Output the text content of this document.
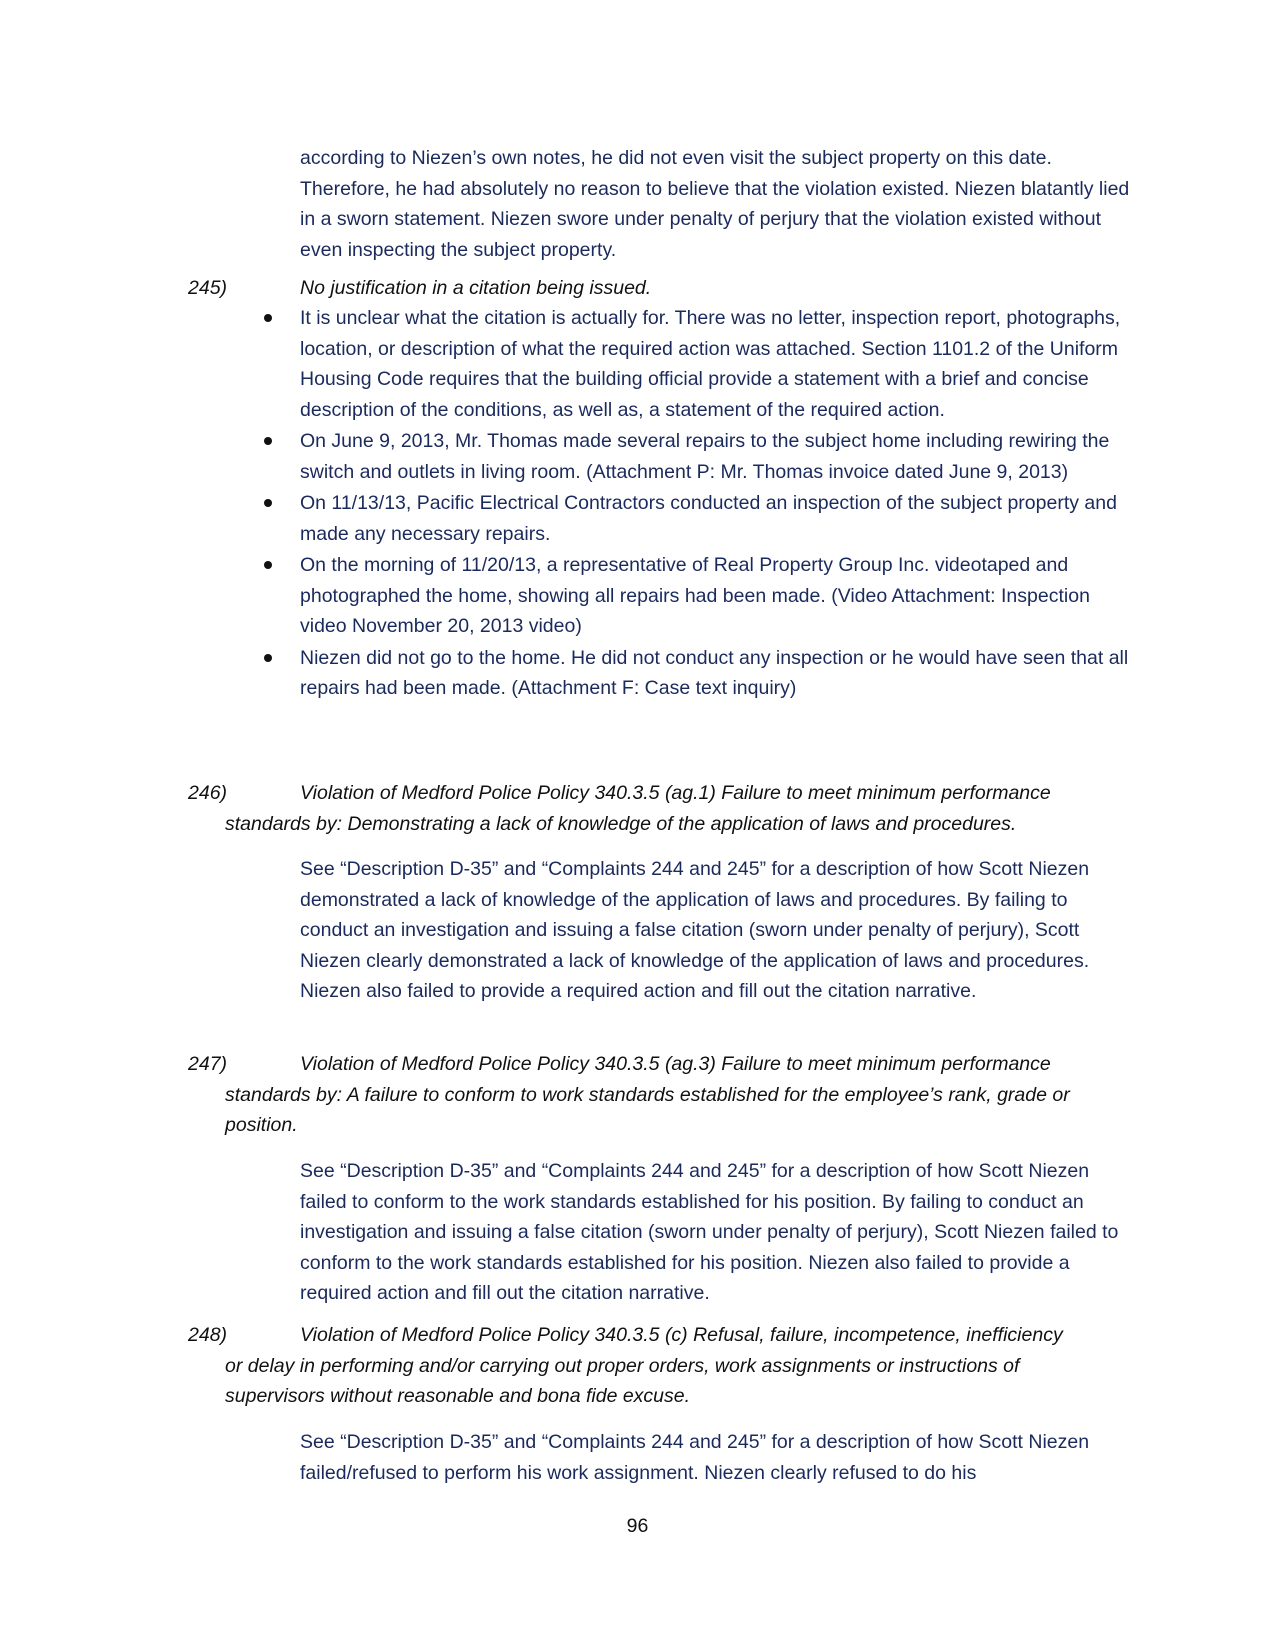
according to Niezen’s own notes, he did not even visit the subject property on this date. Therefore, he had absolutely no reason to believe that the violation existed. Niezen blatantly lied in a sworn statement. Niezen swore under penalty of perjury that the violation existed without even inspecting the subject property.

245)	No justification in a citation being issued.
It is unclear what the citation is actually for. There was no letter, inspection report, photographs, location, or description of what the required action was attached. Section 1101.2 of the Uniform Housing Code requires that the building official provide a statement with a brief and concise description of the conditions, as well as, a statement of the required action.
On June 9, 2013, Mr. Thomas made several repairs to the subject home including rewiring the switch and outlets in living room. (Attachment P: Mr. Thomas invoice dated June 9, 2013)
On 11/13/13, Pacific Electrical Contractors conducted an inspection of the subject property and made any necessary repairs.
On the morning of 11/20/13, a representative of Real Property Group Inc. videotaped and photographed the home, showing all repairs had been made. (Video Attachment: Inspection video November 20, 2013 video)
Niezen did not go to the home. He did not conduct any inspection or he would have seen that all repairs had been made. (Attachment F: Case text inquiry)
246)	Violation of Medford Police Policy 340.3.5 (ag.1) Failure to meet minimum performance
standards by: Demonstrating a lack of knowledge of the application of laws and procedures.

See “Description D-35” and “Complaints 244 and 245” for a description of how Scott Niezen demonstrated a lack of knowledge of the application of laws and procedures. By failing to conduct an investigation and issuing a false citation (sworn under penalty of perjury), Scott Niezen clearly demonstrated a lack of knowledge of the application of laws and procedures. Niezen also failed to provide a required action and fill out the citation narrative.

247)	Violation of Medford Police Policy 340.3.5 (ag.3) Failure to meet minimum performance
standards by: A failure to conform to work standards established for the employee’s rank, grade or position.

See “Description D-35” and “Complaints 244 and 245” for a description of how Scott Niezen failed to conform to the work standards established for his position. By failing to conduct an investigation and issuing a false citation (sworn under penalty of perjury), Scott Niezen failed to conform to the work standards established for his position. Niezen also failed to provide a required action and fill out the citation narrative.

248)	Violation of Medford Police Policy 340.3.5 (c) Refusal, failure, incompetence, inefficiency
or delay in performing and/or carrying out proper orders, work assignments or instructions of supervisors without reasonable and bona fide excuse.

See “Description D-35” and “Complaints 244 and 245” for a description of how Scott Niezen failed/refused to perform his work assignment. Niezen clearly refused to do his

96
